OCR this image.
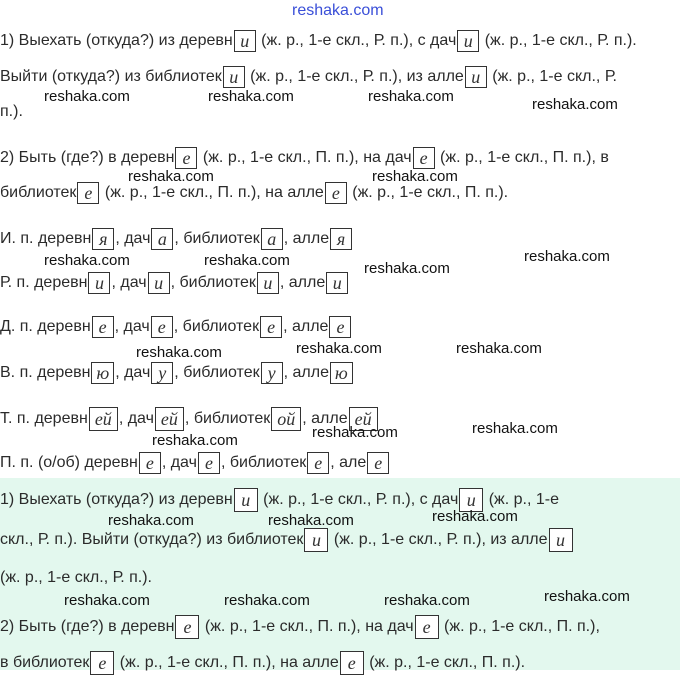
reshaka.com
1) Выехать (откуда?) из деревн и (ж. р., 1-е скл., Р. п.), с дач и (ж. р., 1-е скл., Р. п.).
Выйти (откуда?) из библиотек и (ж. р., 1-е скл., Р. п.), из алле и (ж. р., 1-е скл., Р.
п.).
2) Быть (где?) в деревн е (ж. р., 1-е скл., П. п.), на дач е (ж. р., 1-е скл., П. п.), в
библиотек е (ж. р., 1-е скл., П. п.), на алле е (ж. р., 1-е скл., П. п.).
И. п. деревн я , дач а , библиотек а , алле я
Р. п. деревн и , дач и , библиотек и , алле и
Д. п. деревн е , дач е , библиотек е , алле е
В. п. деревн ю , дач у , библиотек у , алле ю
Т. п. деревн ей , дач ей , библиотек ой , алле ей
П. п. (о/об) деревн е , дач е , библиотек е , але е
1) Выехать (откуда?) из деревн и (ж. р., 1-е скл., Р. п.), с дач и (ж. р., 1-е
скл., Р. п.). Выйти (откуда?) из библиотек и (ж. р., 1-е скл., Р. п.), из алле и
(ж. р., 1-е скл., Р. п.).
2) Быть (где?) в деревн е (ж. р., 1-е скл., П. п.), на дач е (ж. р., 1-е скл., П. п.),
в библиотек е (ж. р., 1-е скл., П. п.), на алле е (ж. р., 1-е скл., П. п.).
reshaka.com	reshaka.com	reshaka.com	reshaka.com
reshaka.com	reshaka.com
reshaka.com	reshaka.com	reshaka.com
reshaka.com
reshaka.com	reshaka.com	reshaka.com
reshaka.com	reshaka.com	reshaka.com
reshaka.com	reshaka.com	reshaka.com
reshaka.com	reshaka.com	reshaka.com	reshaka.com
